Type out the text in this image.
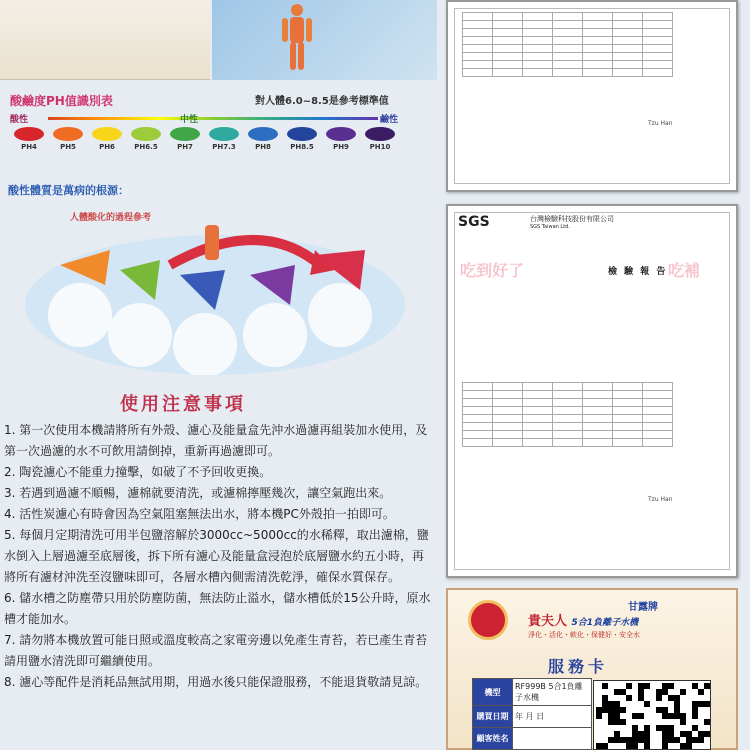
酸鹼度PH值識別表	對人體6.0~8.5是參考標準值
酸性	中性	鹼性
PH4	PH5	PH6	PH6.5	PH7	PH7.3	PH8	PH8.5	PH9	PH10
酸性體質是萬病的根源：
人體酸化的過程參考
使用注意事項
1. 第一次使用本機請將所有外殼、濾心及能量盒先沖水過濾再組裝加水使用，及第一次過濾的水不可飲用請倒掉，重新再過濾即可。
2. 陶瓷濾心不能重力撞擊，如破了不予回收更換。
3. 若遇到過濾不順暢，濾棉就要清洗，或濾棉擰壓幾次，讓空氣跑出來。
4. 活性炭濾心有時會因為空氣阻塞無法出水，將本機PC外殼拍一拍即可。
5. 每個月定期清洗可用半包鹽溶解於3000cc~5000cc的水稀釋，取出濾棉，鹽水倒入上層過濾至底層後，拆下所有濾心及能量盒浸泡於底層鹽水約五小時，再將所有濾材沖洗至沒鹽味即可，各層水槽內側需清洗乾淨，確保水質保存。
6. 儲水槽之防塵帶只用於防塵防菌，無法防止溢水，儲水槽低於15公升時，原水槽才能加水。
7. 請勿將本機放置可能日照或溫度較高之家電旁邊以免產生青苔，若已產生青苔請用鹽水清洗即可繼續使用。
8. 濾心等配件是消耗品無試用期，用過水後只能保證服務，不能退貨敬請見諒。

Tzu Han
SGS	台灣檢驗科技股份有限公司
SGS Taiwan Ltd.
吃到好了	吃補
檢 驗 報 告

Tzu Han
甘露牌
貴夫人 5合1負離子水機
淨化・活化・軟化・保健好・安全水
服務卡
機型	RF999B 5合1負離子水機
購買日期	年 月 日
顧客姓名	
